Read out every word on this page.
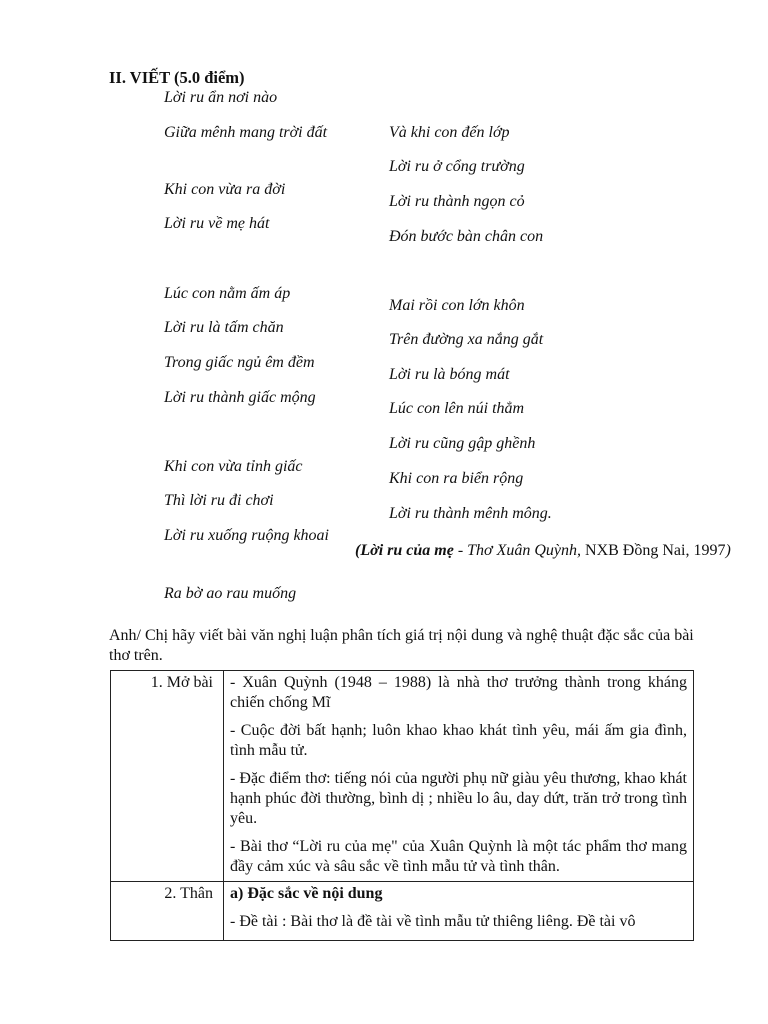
II. VIẾT (5.0 điểm)
Lời ru ẩn nơi nào
Giữa mênh mang trời đất
Khi con vừa ra đời
Lời ru về mẹ hát
Lúc con nằm ấm áp
Lời ru là tấm chăn
Trong giấc ngủ êm đềm
Lời ru thành giấc mộng
Khi con vừa tỉnh giấc
Thì lời ru đi chơi
Lời ru xuống ruộng khoai
Ra bờ ao rau muống
Và khi con đến lớp
Lời ru ở cổng trường
Lời ru thành ngọn cỏ
Đón bước bàn chân con
Mai rồi con lớn khôn
Trên đường xa nắng gắt
Lời ru là bóng mát
Lúc con lên núi thẳm
Lời ru cũng gập ghềnh
Khi con ra biển rộng
Lời ru thành mênh mông.
(Lời ru của mẹ - Thơ Xuân Quỳnh, NXB Đồng Nai, 1997)
Anh/ Chị hãy viết bài văn nghị luận phân tích giá trị nội dung và nghệ thuật đặc sắc của bài thơ trên.
1. Mở bài	- Xuân Quỳnh (1948 – 1988) là nhà thơ trưởng thành trong kháng chiến chống Mĩ

- Cuộc đời bất hạnh; luôn khao khao khát tình yêu, mái ấm gia đình, tình mẫu tử.

- Đặc điểm thơ: tiếng nói của người phụ nữ giàu yêu thương, khao khát hạnh phúc đời thường, bình dị ; nhiều lo âu, day dứt, trăn trở trong tình yêu.

- Bài thơ “Lời ru của mẹ" của Xuân Quỳnh là một tác phẩm thơ mang đầy cảm xúc và sâu sắc về tình mẫu tử và tình thân.

2. Thân	a) Đặc sắc về nội dung

- Đề tài : Bài thơ là đề tài về tình mẫu tử thiêng liêng. Đề tài vô
